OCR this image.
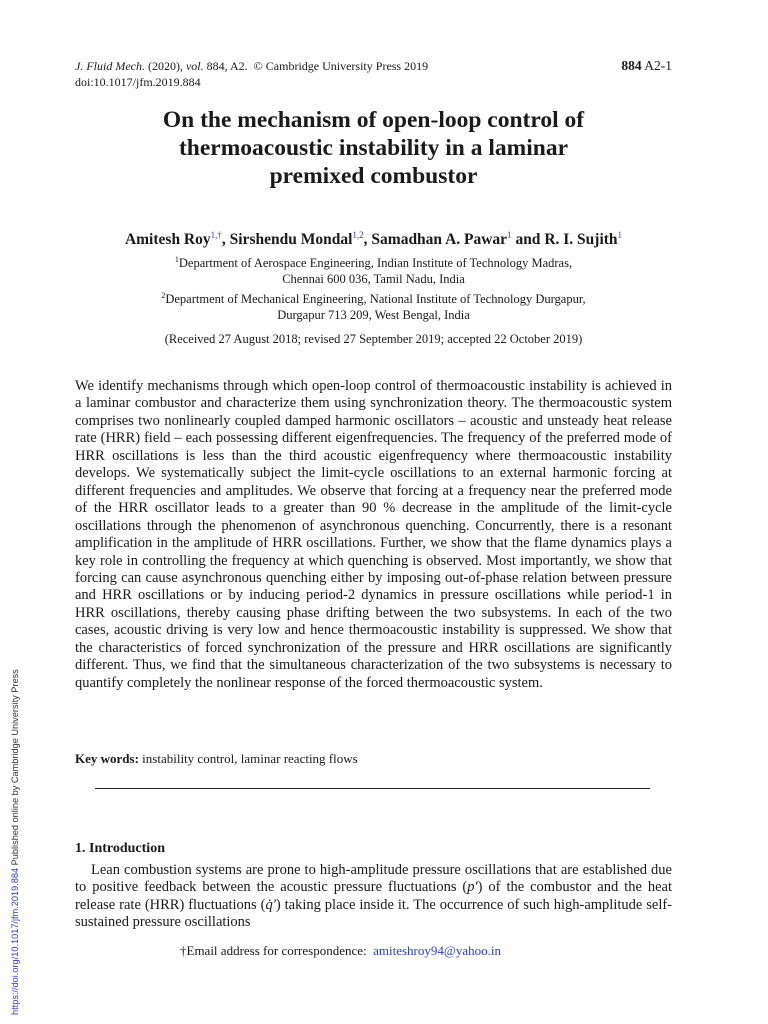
J. Fluid Mech. (2020), vol. 884, A2. © Cambridge University Press 2019	884 A2-1
doi:10.1017/jfm.2019.884
On the mechanism of open-loop control of
thermoacoustic instability in a laminar
premixed combustor
Amitesh Roy$^{1,\dagger}$, Sirshendu Mondal$^{1,2}$, Samadhan A. Pawar$^1$ and R. I. Sujith$^1$
$^1$Department of Aerospace Engineering, Indian Institute of Technology Madras,
Chennai 600 036, Tamil Nadu, India
$^2$Department of Mechanical Engineering, National Institute of Technology Durgapur,
Durgapur 713 209, West Bengal, India
(Received 27 August 2018; revised 27 September 2019; accepted 22 October 2019)

We identify mechanisms through which open-loop control of thermoacoustic instability is achieved in a laminar combustor and characterize them using synchronization theory. The thermoacoustic system comprises two nonlinearly coupled damped harmonic oscillators – acoustic and unsteady heat release rate (HRR) field – each possessing different eigenfrequencies. The frequency of the preferred mode of HRR oscillations is less than the third acoustic eigenfrequency where thermoacoustic instability develops. We systematically subject the limit-cycle oscillations to an external harmonic forcing at different frequencies and amplitudes. We observe that forcing at a frequency near the preferred mode of the HRR oscillator leads to a greater than 90 % decrease in the amplitude of the limit-cycle oscillations through the phenomenon of asynchronous quenching. Concurrently, there is a resonant amplification in the amplitude of HRR oscillations. Further, we show that the flame dynamics plays a key role in controlling the frequency at which quenching is observed. Most importantly, we show that forcing can cause asynchronous quenching either by imposing out-of-phase relation between pressure and HRR oscillations or by inducing period-2 dynamics in pressure oscillations while period-1 in HRR oscillations, thereby causing phase drifting between the two subsystems. In each of the two cases, acoustic driving is very low and hence thermoacoustic instability is suppressed. We show that the characteristics of forced synchronization of the pressure and HRR oscillations are significantly different. Thus, we find that the simultaneous characterization of the two subsystems is necessary to quantify completely the nonlinear response of the forced thermoacoustic system.

Key words: instability control, laminar reacting flows
1. Introduction

Lean combustion systems are prone to high-amplitude pressure oscillations that are established due to positive feedback between the acoustic pressure fluctuations (p′) of the combustor and the heat release rate (HRR) fluctuations (q̇′) taking place inside it. The occurrence of such high-amplitude self-sustained pressure oscillations

†Email address for correspondence: amiteshroy94@yahoo.in
https://doi.org/10.1017/jfm.2019.884 Published online by Cambridge University Press
